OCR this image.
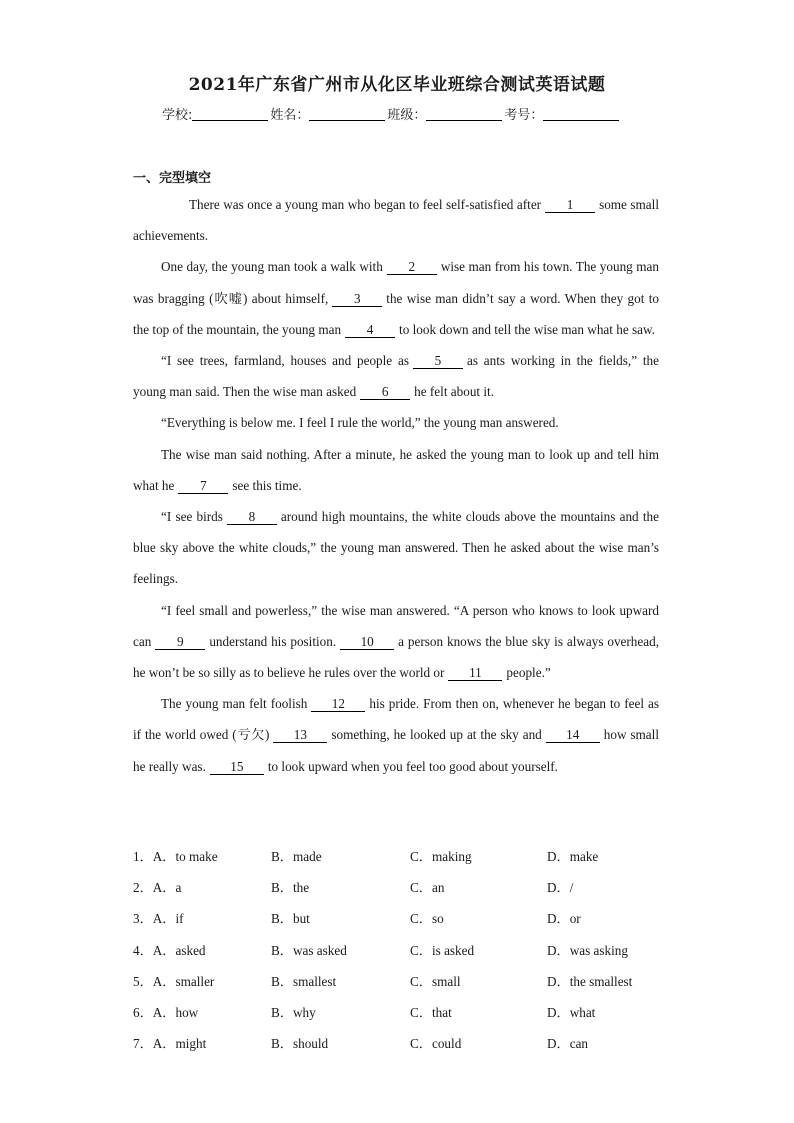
2021年广东省广州市从化区毕业班综合测试英语试题
学校:	姓名：	班级：	考号：
一、完型填空

There was once a young man who began to feel self-satisfied after 1 some small achievements.

One day, the young man took a walk with 2 wise man from his town. The young man was bragging (吹嘘) about himself, 3 the wise man didn’t say a word. When they got to the top of the mountain, the young man 4 to look down and tell the wise man what he saw.

“I see trees, farmland, houses and people as 5 as ants working in the fields,” the young man said. Then the wise man asked 6 he felt about it.

“Everything is below me. I feel I rule the world,” the young man answered.

The wise man said nothing. After a minute, he asked the young man to look up and tell him what he 7 see this time.

“I see birds 8 around high mountains, the white clouds above the mountains and the blue sky above the white clouds,” the young man answered. Then he asked about the wise man’s feelings.

“I feel small and powerless,” the wise man answered. “A person who knows to look upward can 9 understand his position. 10 a person knows the blue sky is always overhead, he won’t be so silly as to believe he rules over the world or 11 people.”

The young man felt foolish 12 his pride. From then on, whenever he began to feel as if the world owed (亏欠) 13 something, he looked up at the sky and 14 how small he really was. 15 to look upward when you feel too good about yourself.

1．A．to make	B．made	C．making	D．make
2．A．a	B．the	C．an	D．/
3．A．if	B．but	C．so	D．or
4．A．asked	B．was asked	C．is asked	D．was asking
5．A．smaller	B．smallest	C．small	D．the smallest
6．A．how	B．why	C．that	D．what
7．A．might	B．should	C．could	D．can
